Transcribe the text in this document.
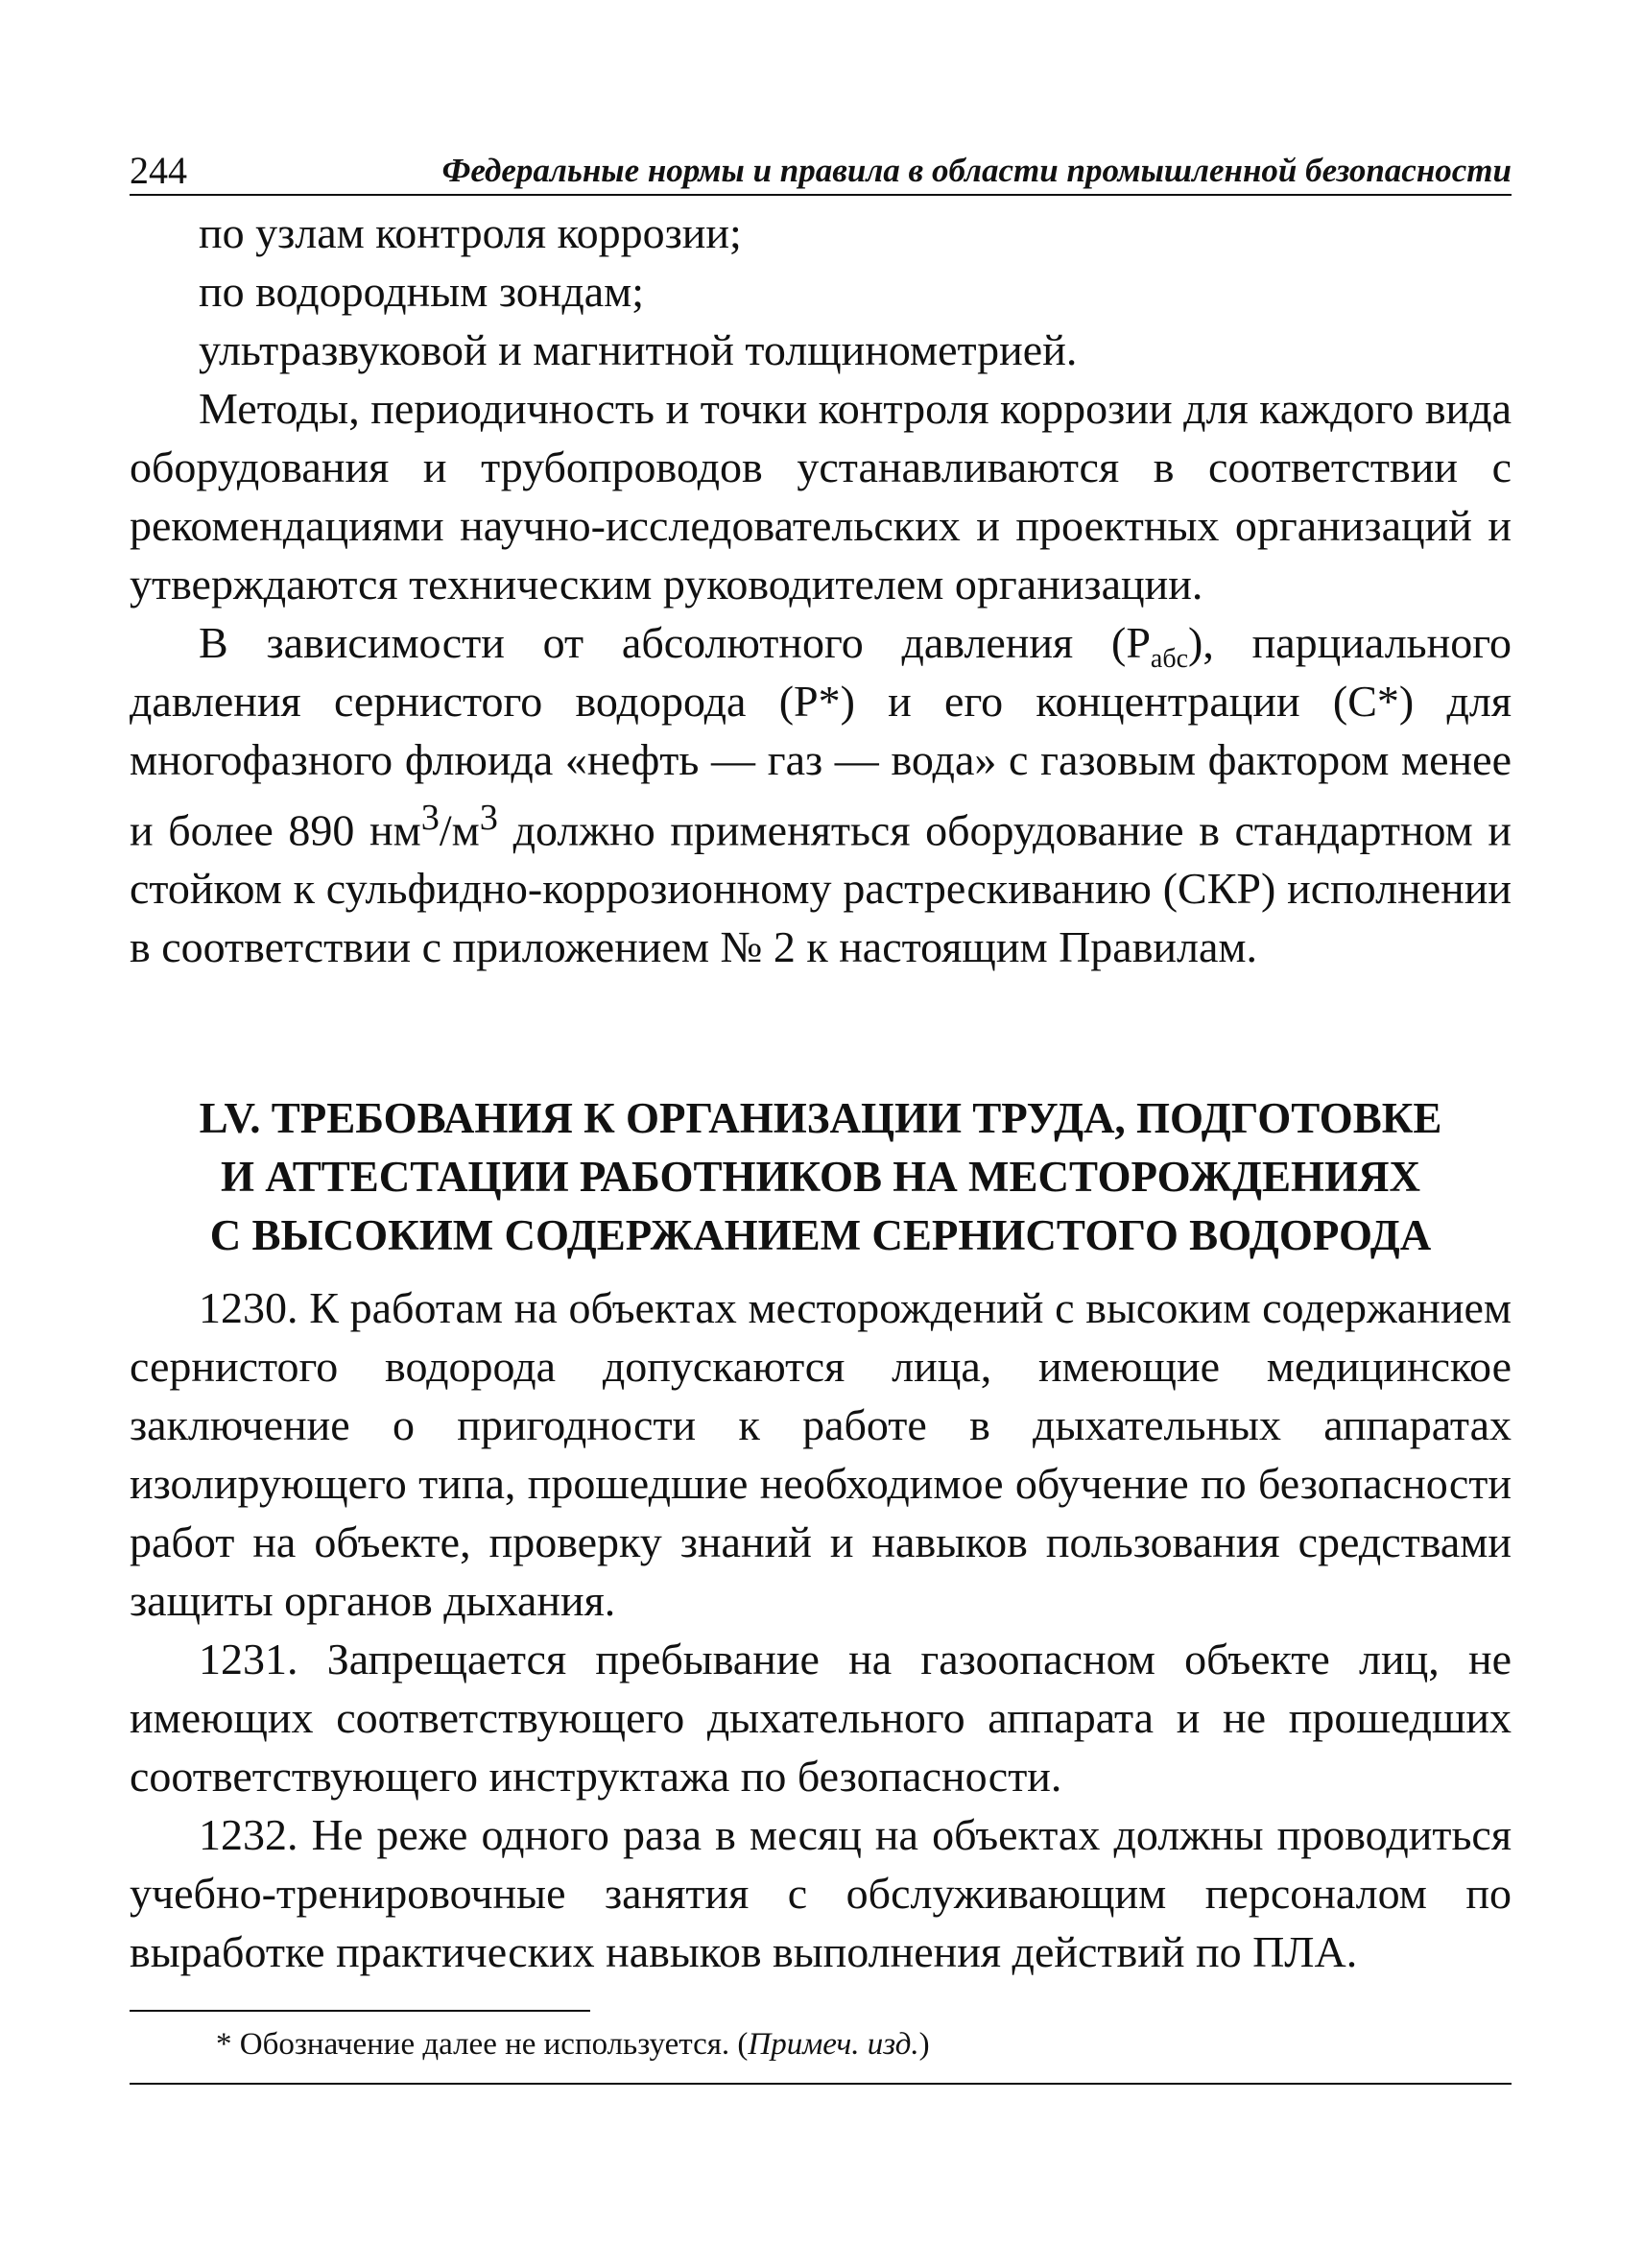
244	Федеральные нормы и правила в области промышленной безопасности

по узлам контроля коррозии;

по водородным зондам;

ультразвуковой и магнитной толщинометрией.

Методы, периодичность и точки контроля коррозии для каждого вида оборудования и трубопроводов устанавливаются в соответствии с рекомендациями научно-исследовательских и проектных организаций и утверждаются техническим руководителем организации.

В зависимости от абсолютного давления $(P_{абс})$, парциального давления сернистого водорода (P*) и его концентрации (C*) для многофазного флюида «нефть — газ — вода» с газовым фактором менее и более 890 $нм^3/м^3$ должно применяться оборудование в стандартном и стойком к сульфидно-коррозионному растрескиванию (СКР) исполнении в соответствии с приложением № 2 к настоящим Правилам.

LV. ТРЕБОВАНИЯ К ОРГАНИЗАЦИИ ТРУДА, ПОДГОТОВКЕ
И АТТЕСТАЦИИ РАБОТНИКОВ НА МЕСТОРОЖДЕНИЯХ
С ВЫСОКИМ СОДЕРЖАНИЕМ СЕРНИСТОГО ВОДОРОДА

1230. К работам на объектах месторождений с высоким содержанием сернистого водорода допускаются лица, имеющие медицинское заключение о пригодности к работе в дыхательных аппаратах изолирующего типа, прошедшие необходимое обучение по безопасности работ на объекте, проверку знаний и навыков пользования средствами защиты органов дыхания.

1231. Запрещается пребывание на газоопасном объекте лиц, не имеющих соответствующего дыхательного аппарата и не прошедших соответствующего инструктажа по безопасности.

1232. Не реже одного раза в месяц на объектах должны проводиться учебно-тренировочные занятия с обслуживающим персоналом по выработке практических навыков выполнения действий по ПЛА.

* Обозначение далее не используется. (Примеч. изд.)
